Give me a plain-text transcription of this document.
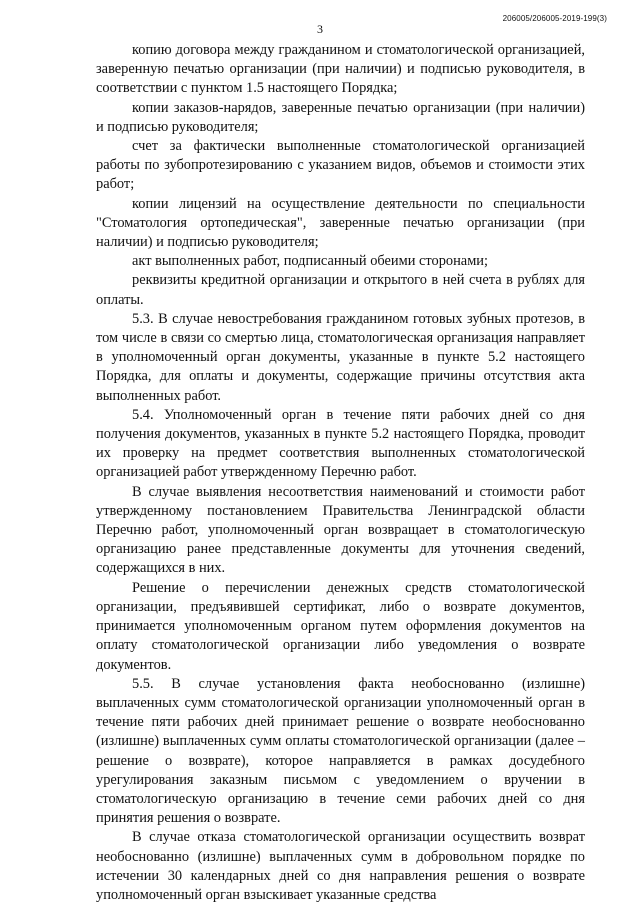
3
206005/206005-2019-199(3)

копию договора между гражданином и стоматологической организацией, заверенную печатью организации (при наличии) и подписью руководителя, в соответствии с пунктом 1.5 настоящего Порядка;

копии заказов-нарядов, заверенные печатью организации (при наличии) и подписью руководителя;

счет за фактически выполненные стоматологической организацией работы по зубопротезированию с указанием видов, объемов и стоимости этих работ;

копии лицензий на осуществление деятельности по специальности "Стоматология ортопедическая", заверенные печатью организации (при наличии) и подписью руководителя;

акт выполненных работ, подписанный обеими сторонами;

реквизиты кредитной организации и открытого в ней счета в рублях для оплаты.

5.3. В случае невостребования гражданином готовых зубных протезов, в том числе в связи со смертью лица, стоматологическая организация направляет в уполномоченный орган документы, указанные в пункте 5.2 настоящего Порядка, для оплаты и документы, содержащие причины отсутствия акта выполненных работ.

5.4. Уполномоченный орган в течение пяти рабочих дней со дня получения документов, указанных в пункте 5.2 настоящего Порядка, проводит их проверку на предмет соответствия выполненных стоматологической организацией работ утвержденному Перечню работ.

В случае выявления несоответствия наименований и стоимости работ утвержденному постановлением Правительства Ленинградской области Перечню работ, уполномоченный орган возвращает в стоматологическую организацию ранее представленные документы для уточнения сведений, содержащихся в них.

Решение о перечислении денежных средств стоматологической организации, предъявившей сертификат, либо о возврате документов, принимается уполномоченным органом путем оформления документов на оплату стоматологической организации либо уведомления о возврате документов.

5.5. В случае установления факта необоснованно (излишне) выплаченных сумм стоматологической организации уполномоченный орган в течение пяти рабочих дней принимает решение о возврате необоснованно (излишне) выплаченных сумм оплаты стоматологической организации (далее – решение о возврате), которое направляется в рамках досудебного урегулирования заказным письмом с уведомлением о вручении в стоматологическую организацию в течение семи рабочих дней со дня принятия решения о возврате.

В случае отказа стоматологической организации осуществить возврат необоснованно (излишне) выплаченных сумм в добровольном порядке по истечении 30 календарных дней со дня направления решения о возврате уполномоченный орган взыскивает указанные средства
